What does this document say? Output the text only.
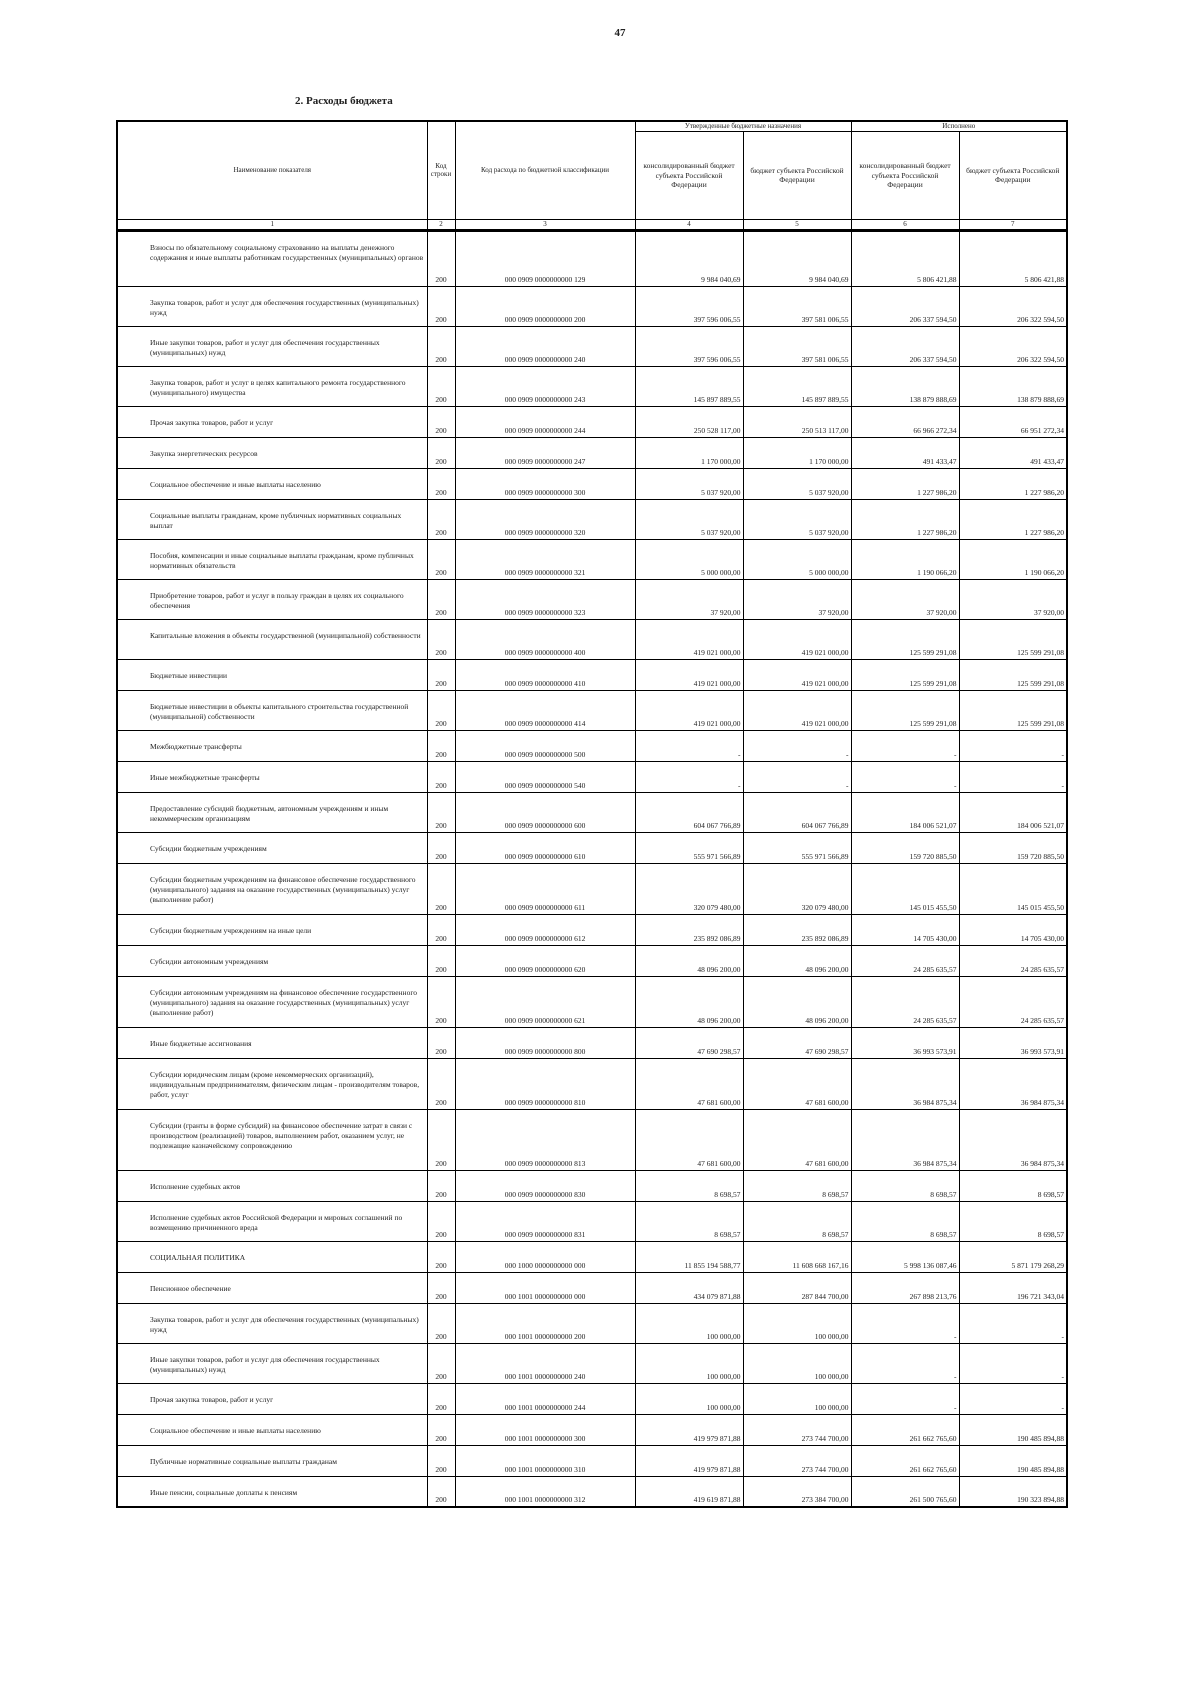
47
2. Расходы бюджета
Наименование показателя	Код строки	Код расхода по бюджетной классификации	Утвержденные бюджетные назначения		Исполнено	
			консолидированный бюджет субъекта Российской Федерации	бюджет субъекта Российской Федерации	консолидированный бюджет субъекта Российской Федерации	бюджет субъекта Российской Федерации
1	2	3	4	5	6	7
Взносы по обязательному социальному страхованию на выплаты денежного содержания и иные выплаты работникам государственных (муниципальных) органов	200	000 0909 0000000000 129	9 984 040,69	9 984 040,69	5 806 421,88	5 806 421,88
Закупка товаров, работ и услуг для обеспечения государственных (муниципальных) нужд	200	000 0909 0000000000 200	397 596 006,55	397 581 006,55	206 337 594,50	206 322 594,50
Иные закупки товаров, работ и услуг для обеспечения государственных (муниципальных) нужд	200	000 0909 0000000000 240	397 596 006,55	397 581 006,55	206 337 594,50	206 322 594,50
Закупка товаров, работ и услуг в целях капитального ремонта государственного (муниципального) имущества	200	000 0909 0000000000 243	145 897 889,55	145 897 889,55	138 879 888,69	138 879 888,69
Прочая закупка товаров, работ и услуг	200	000 0909 0000000000 244	250 528 117,00	250 513 117,00	66 966 272,34	66 951 272,34
Закупка энергетических ресурсов	200	000 0909 0000000000 247	1 170 000,00	1 170 000,00	491 433,47	491 433,47
Социальное обеспечение и иные выплаты населению	200	000 0909 0000000000 300	5 037 920,00	5 037 920,00	1 227 986,20	1 227 986,20
Социальные выплаты гражданам, кроме публичных нормативных социальных выплат	200	000 0909 0000000000 320	5 037 920,00	5 037 920,00	1 227 986,20	1 227 986,20
Пособия, компенсации и иные социальные выплаты гражданам, кроме публичных нормативных обязательств	200	000 0909 0000000000 321	5 000 000,00	5 000 000,00	1 190 066,20	1 190 066,20
Приобретение товаров, работ и услуг в пользу граждан в целях их социального обеспечения	200	000 0909 0000000000 323	37 920,00	37 920,00	37 920,00	37 920,00
Капитальные вложения в объекты государственной (муниципальной) собственности	200	000 0909 0000000000 400	419 021 000,00	419 021 000,00	125 599 291,08	125 599 291,08
Бюджетные инвестиции	200	000 0909 0000000000 410	419 021 000,00	419 021 000,00	125 599 291,08	125 599 291,08
Бюджетные инвестиции в объекты капитального строительства государственной (муниципальной) собственности	200	000 0909 0000000000 414	419 021 000,00	419 021 000,00	125 599 291,08	125 599 291,08
Межбюджетные трансферты	200	000 0909 0000000000 500	-	-	-	-
Иные межбюджетные трансферты	200	000 0909 0000000000 540	-	-	-	-
Предоставление субсидий бюджетным, автономным учреждениям и иным некоммерческим организациям	200	000 0909 0000000000 600	604 067 766,89	604 067 766,89	184 006 521,07	184 006 521,07
Субсидии бюджетным учреждениям	200	000 0909 0000000000 610	555 971 566,89	555 971 566,89	159 720 885,50	159 720 885,50
Субсидии бюджетным учреждениям на финансовое обеспечение государственного (муниципального) задания на оказание государственных (муниципальных) услуг (выполнение работ)	200	000 0909 0000000000 611	320 079 480,00	320 079 480,00	145 015 455,50	145 015 455,50
Субсидии бюджетным учреждениям на иные цели	200	000 0909 0000000000 612	235 892 086,89	235 892 086,89	14 705 430,00	14 705 430,00
Субсидии автономным учреждениям	200	000 0909 0000000000 620	48 096 200,00	48 096 200,00	24 285 635,57	24 285 635,57
Субсидии автономным учреждениям на финансовое обеспечение государственного (муниципального) задания на оказание государственных (муниципальных) услуг (выполнение работ)	200	000 0909 0000000000 621	48 096 200,00	48 096 200,00	24 285 635,57	24 285 635,57
Иные бюджетные ассигнования	200	000 0909 0000000000 800	47 690 298,57	47 690 298,57	36 993 573,91	36 993 573,91
Субсидии юридическим лицам (кроме некоммерческих организаций), индивидуальным предпринимателям, физическим лицам - производителям товаров, работ, услуг	200	000 0909 0000000000 810	47 681 600,00	47 681 600,00	36 984 875,34	36 984 875,34
Субсидии (гранты в форме субсидий) на финансовое обеспечение затрат в связи с производством (реализацией) товаров, выполнением работ, оказанием услуг, не подлежащие казначейскому сопровождению	200	000 0909 0000000000 813	47 681 600,00	47 681 600,00	36 984 875,34	36 984 875,34
Исполнение судебных актов	200	000 0909 0000000000 830	8 698,57	8 698,57	8 698,57	8 698,57
Исполнение судебных актов Российской Федерации и мировых соглашений по возмещению причиненного вреда	200	000 0909 0000000000 831	8 698,57	8 698,57	8 698,57	8 698,57
СОЦИАЛЬНАЯ ПОЛИТИКА	200	000 1000 0000000000 000	11 855 194 588,77	11 608 668 167,16	5 998 136 087,46	5 871 179 268,29
Пенсионное обеспечение	200	000 1001 0000000000 000	434 079 871,88	287 844 700,00	267 898 213,76	196 721 343,04
Закупка товаров, работ и услуг для обеспечения государственных (муниципальных) нужд	200	000 1001 0000000000 200	100 000,00	100 000,00	-	-
Иные закупки товаров, работ и услуг для обеспечения государственных (муниципальных) нужд	200	000 1001 0000000000 240	100 000,00	100 000,00	-	-
Прочая закупка товаров, работ и услуг	200	000 1001 0000000000 244	100 000,00	100 000,00	-	-
Социальное обеспечение и иные выплаты населению	200	000 1001 0000000000 300	419 979 871,88	273 744 700,00	261 662 765,60	190 485 894,88
Публичные нормативные социальные выплаты гражданам	200	000 1001 0000000000 310	419 979 871,88	273 744 700,00	261 662 765,60	190 485 894,88
Иные пенсии, социальные доплаты к пенсиям	200	000 1001 0000000000 312	419 619 871,88	273 384 700,00	261 500 765,60	190 323 894,88
